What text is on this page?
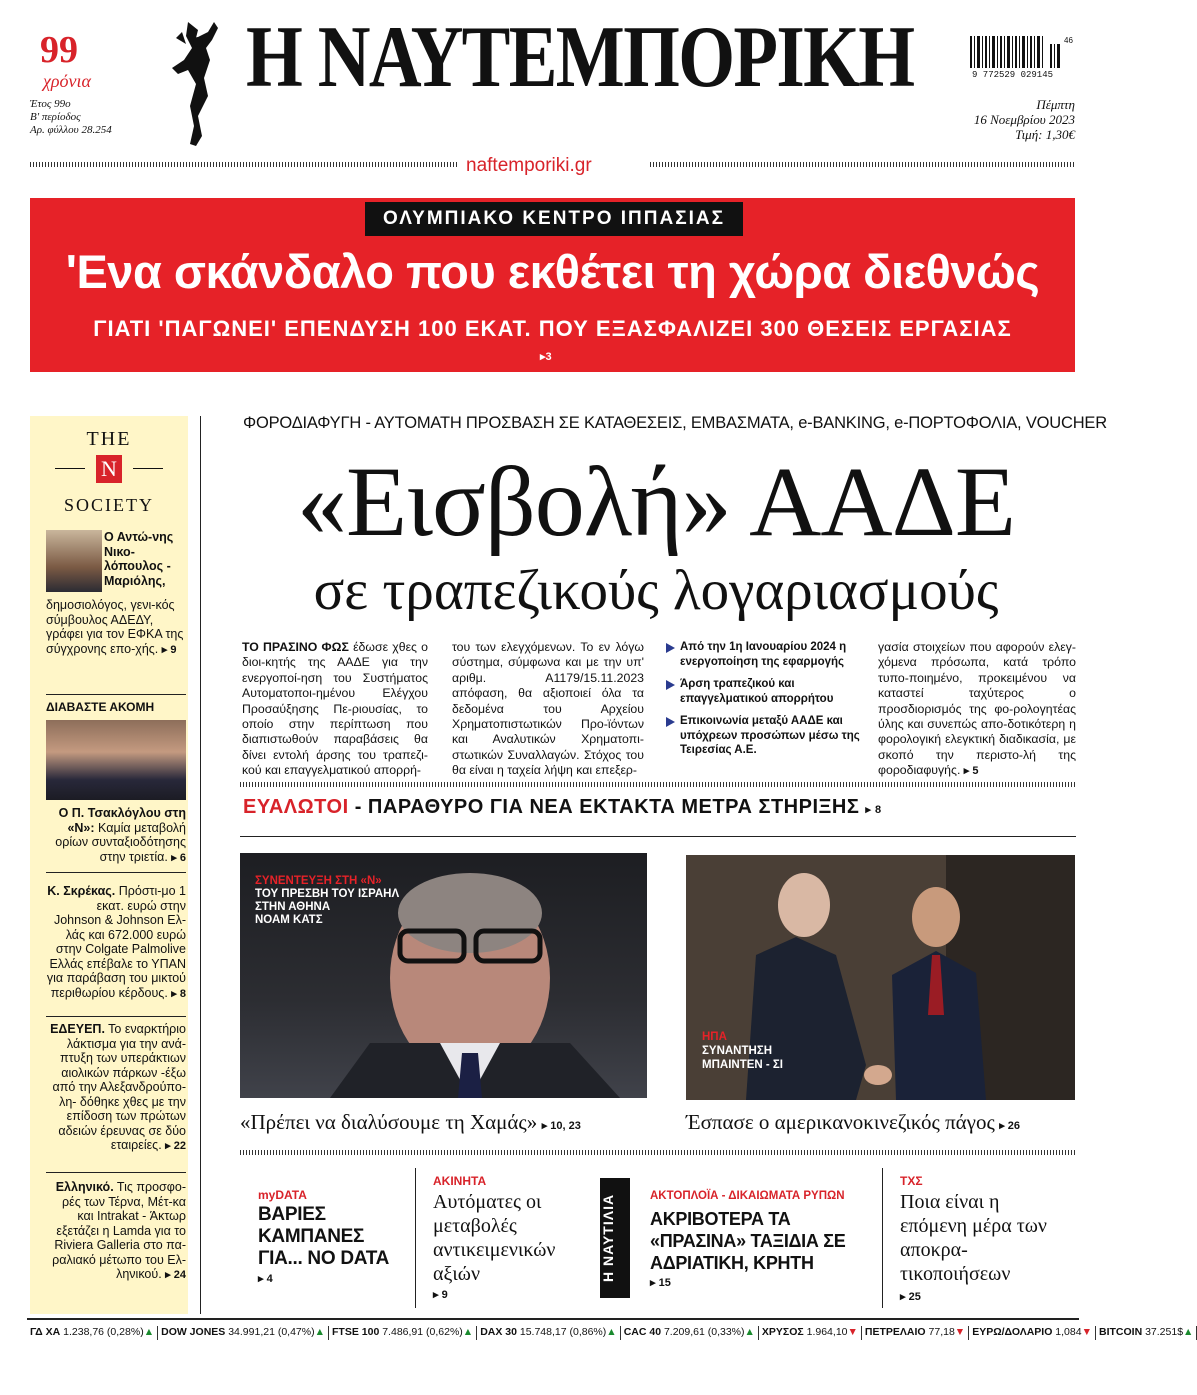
99
χρόνια
Έτος 99ο
Β' περίοδος
Αρ. φύλλου 28.254
Η ΝΑΥΤΕΜΠΟΡΙΚΗ	9 772529 029145
46
Πέμπτη
16 Νοεμβρίου 2023
Τιμή: 1,30€
naftemporiki.gr
ΟΛΥΜΠΙΑΚΟ ΚΕΝΤΡΟ ΙΠΠΑΣΙΑΣ
'Ενα σκάνδαλο που εκθέτει τη χώρα διεθνώς
ΓΙΑΤΙ 'ΠΑΓΩΝΕΙ' ΕΠΕΝΔΥΣΗ 100 ΕΚΑΤ. ΠΟΥ ΕΞΑΣΦΑΛΙΖΕΙ 300 ΘΕΣΕΙΣ ΕΡΓΑΣΙΑΣ
▸3
THE
N
SOCIETY
Ο Αντώ-νης Νικο-λόπουλος - Μαριόλης,
δημοσιολόγος, γενι-κός σύμβουλος ΑΔΕΔΥ, γράφει για τον ΕΦΚΑ της σύγχρονης επο-χής. ▸ 9
ΔΙΑΒΑΣΤΕ ΑΚΟΜΗ
Ο Π. Τσακλόγλου στη «Ν»: Καμία μεταβολή ορίων συνταξιοδότησης στην τριετία. ▸ 6
Κ. Σκρέκας. Πρόστι-μο 1 εκατ. ευρώ στην Johnson & Johnson Ελ-λάς και 672.000 ευρώ στην Colgate Palmolive Ελλάς επέβαλε το ΥΠΑΝ για παράβαση του μικτού περιθωρίου κέρδους. ▸ 8
ΕΔΕΥΕΠ. Το εναρκτήριο λάκτισμα για την ανά-πτυξη των υπεράκτιων αιολικών πάρκων -έξω από την Αλεξανδρούπο-λη- δόθηκε χθες με την επίδοση των πρώτων αδειών έρευνας σε δύο εταιρείες. ▸ 22
Ελληνικό. Τις προσφο-ρές των Τέρνα, Μέτ-κα και Intrakat - Άκτωρ εξετάζει η Lamda για το Riviera Galleria στο πα-ραλιακό μέτωπο του Ελ-ληνικού. ▸ 24
ΦΟΡΟΔΙΑΦΥΓΗ - ΑΥΤΟΜΑΤΗ ΠΡΟΣΒΑΣΗ ΣΕ ΚΑΤΑΘΕΣΕΙΣ, ΕΜΒΑΣΜΑΤΑ, e-BANKING, e-ΠΟΡΤΟΦΟΛΙΑ, VOUCHER
«Εισβολή» ΑΑΔΕ
σε τραπεζικούς λογαριασμούς
ΤΟ ΠΡΑΣΙΝΟ ΦΩΣ έδωσε χθες ο διοι-κητής της ΑΑΔΕ για την ενεργοποί-ηση του Συστήματος Αυτοματοποι-ημένου Ελέγχου Προσαύξησης Πε-ριουσίας, το οποίο στην περίπτωση που διαπιστωθούν παραβάσεις θα δίνει εντολή άρσης του τραπεζι-κού και επαγγελματικού απορρή-
του των ελεγχόμενων. Το εν λόγω σύστημα, σύμφωνα και με την υπ' αριθμ. Α1179/15.11.2023 απόφαση, θα αξιοποιεί όλα τα δεδομένα του Αρχείου Χρηματοπιστωτικών Προ-ϊόντων και Αναλυτικών Χρηματοπι-στωτικών Συναλλαγών. Στόχος του θα είναι η ταχεία λήψη και επεξερ-
Από την 1η Ιανουαρίου 2024 η ενεργοποίηση της εφαρμογής
Άρση τραπεζικού και επαγγελματικού απορρήτου
Επικοινωνία μεταξύ ΑΑΔΕ και υπόχρεων προσώπων μέσω της Τειρεσίας Α.Ε.
γασία στοιχείων που αφορούν ελεγ-χόμενα πρόσωπα, κατά τρόπο τυπο-ποιημένο, προκειμένου να καταστεί ταχύτερος ο προσδιορισμός της φο-ρολογητέας ύλης και συνεπώς απο-δοτικότερη η φορολογική ελεγκτική διαδικασία, με σκοπό την περιστο-λή της φοροδιαφυγής. ▸ 5
ΕΥΑΛΩΤΟΙ - ΠΑΡΑΘΥΡΟ ΓΙΑ ΝΕΑ ΕΚΤΑΚΤΑ ΜΕΤΡΑ ΣΤΗΡΙΞΗΣ ▸ 8
ΣΥΝΕΝΤΕΥΞΗ ΣΤΗ «Ν»
ΤΟΥ ΠΡΕΣΒΗ ΤΟΥ ΙΣΡΑΗΛ
ΣΤΗΝ ΑΘΗΝΑ
ΝΟΑΜ ΚΑΤΣ
«Πρέπει να διαλύσουμε τη Χαμάς» ▸ 10, 23
ΗΠΑ
ΣΥΝΑΝΤΗΣΗ
ΜΠΑΙΝΤΕΝ - ΣΙ
Έσπασε ο αμερικανοκινεζικός πάγος ▸ 26
myDATA
ΒΑΡΙΕΣ ΚΑΜΠΑΝΕΣ ΓΙΑ... NO DATA
▸ 4
ΑΚΙΝΗΤΑ
Αυτόματες οι μεταβολές αντικειμενικών αξιών
▸ 9
Η ΝΑΥΤΙΛΙΑ	ΑΚΤΟΠΛΟΪΑ - ΔΙΚΑΙΩΜΑΤΑ ΡΥΠΩΝ
ΑΚΡΙΒΟΤΕΡΑ ΤΑ «ΠΡΑΣΙΝΑ» ΤΑΞΙΔΙΑ ΣΕ ΑΔΡΙΑΤΙΚΗ, ΚΡΗΤΗ
▸ 15
ΤΧΣ
Ποια είναι η επόμενη μέρα των αποκρα-τικοποιήσεων
▸ 25
ΓΔ ΧΑ 1.238,76 (0,28%)▲ DOW JONES 34.991,21 (0,47%)▲ FTSE 100 7.486,91 (0,62%)▲ DAX 30 15.748,17 (0,86%)▲ CAC 40 7.209,61 (0,33%)▲ ΧΡΥΣΟΣ 1.964,10▼ ΠΕΤΡΕΛΑΙΟ 77,18▼ ΕΥΡΩ/ΔΟΛΑΡΙΟ 1,084▼ BITCOIN 37.251$▲
